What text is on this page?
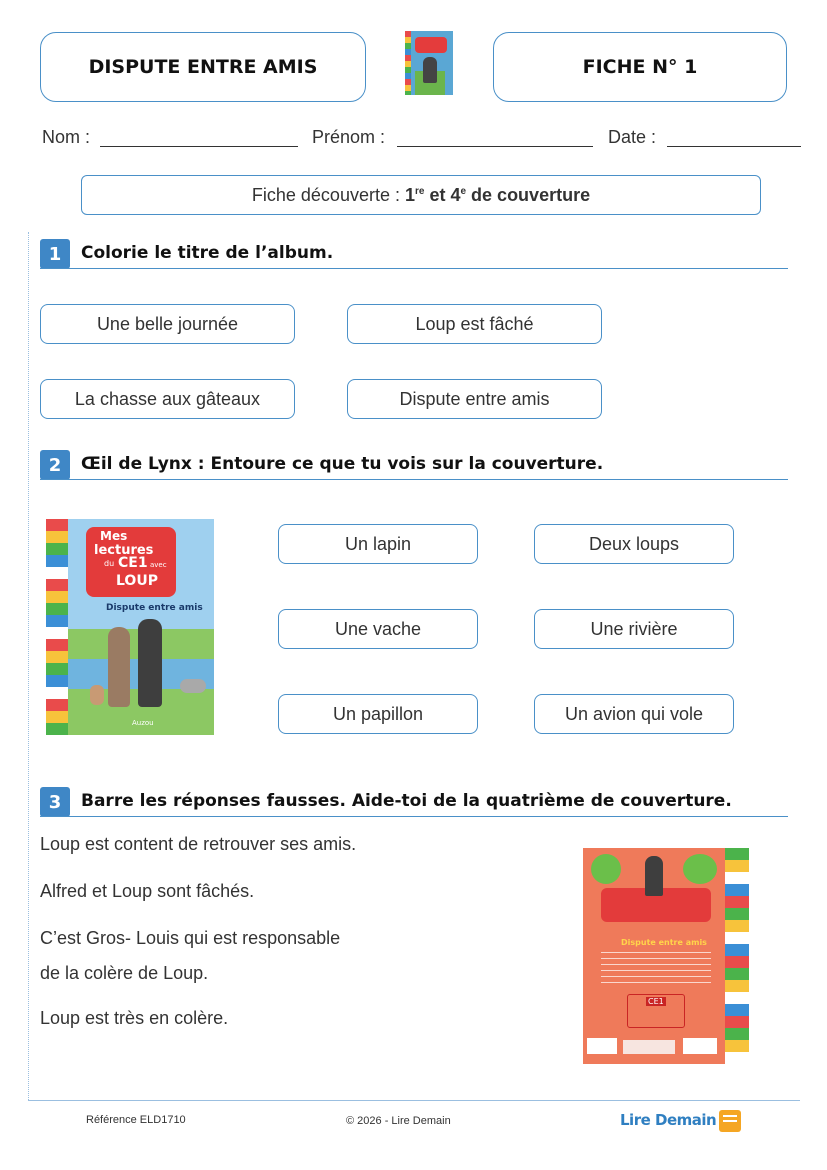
DISPUTE ENTRE AMIS	FICHE N° 1
Nom :	Prénom :	Date :
Fiche découverte : 1re et 4e de couverture
1	Colorie le titre de l’album.
Une belle journée	Loup est fâché
La chasse aux gâteaux	Dispute entre amis
2	Œil de Lynx : Entoure ce que tu vois sur la couverture.
Mes
lectures
du CE1 avec
LOUP
Dispute entre amis
Auzou
Un lapin	Deux loups
Une vache	Une rivière
Un papillon	Un avion qui vole
3	Barre les réponses fausses. Aide-toi de la quatrième de couverture.
Loup est content de retrouver ses amis.
Alfred et Loup sont fâchés.
C’est Gros- Louis qui est responsable
de la colère de Loup.
Loup est très en colère.
Dispute entre amis
CE1
Référence ELD1710	© 2026 - Lire Demain	Lire Demain
